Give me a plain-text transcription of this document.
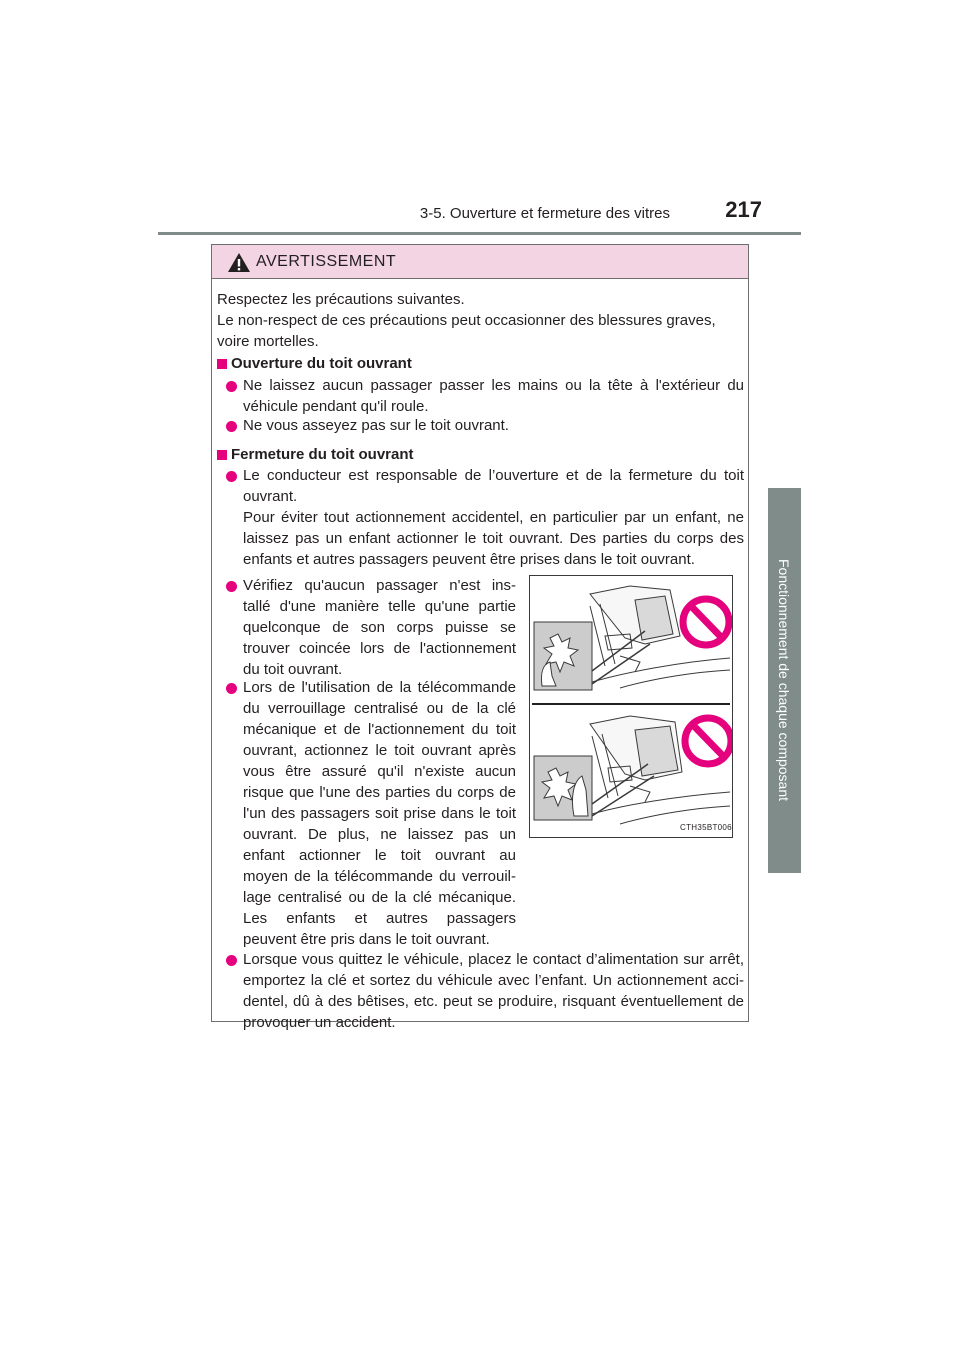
3-5. Ouverture et fermeture des vitres	217
3
Fonctionnement de chaque composant
AVERTISSEMENT
Respectez les précautions suivantes.
Le non-respect de ces précautions peut occasionner des blessures graves,
voire mortelles.
Ouverture du toit ouvrant
Ne laissez aucun passager passer les mains ou la tête à l'extérieur du
véhicule pendant qu'il roule.
Ne vous asseyez pas sur le toit ouvrant.
Fermeture du toit ouvrant
Le conducteur est responsable de l’ouverture et de la fermeture du toit
ouvrant.
Pour éviter tout actionnement accidentel, en particulier par un enfant, ne
laissez pas un enfant actionner le toit ouvrant. Des parties du corps des
enfants et autres passagers peuvent être prises dans le toit ouvrant.
Vérifiez qu'aucun passager n'est ins-
tallé d'une manière telle qu'une partie
quelconque de son corps puisse se
trouver coincée lors de l'actionnement
du toit ouvrant.
Lors de l'utilisation de la télécommande
du verrouillage centralisé ou de la clé
mécanique et de l'actionnement du toit
ouvrant, actionnez le toit ouvrant après
vous être assuré qu'il n'existe aucun
risque que l'une des parties du corps de
l'un des passagers soit prise dans le toit
ouvrant. De plus, ne laissez pas un
enfant actionner le toit ouvrant au
moyen de la télécommande du verrouil-
lage centralisé ou de la clé mécanique.
Les enfants et autres passagers
peuvent être pris dans le toit ouvrant.
Lorsque vous quittez le véhicule, placez le contact d’alimentation sur arrêt,
emportez la clé et sortez du véhicule avec l’enfant. Un actionnement acci-
dentel, dû à des bêtises, etc. peut se produire, risquant éventuellement de
provoquer un accident.
CTH35BT006
